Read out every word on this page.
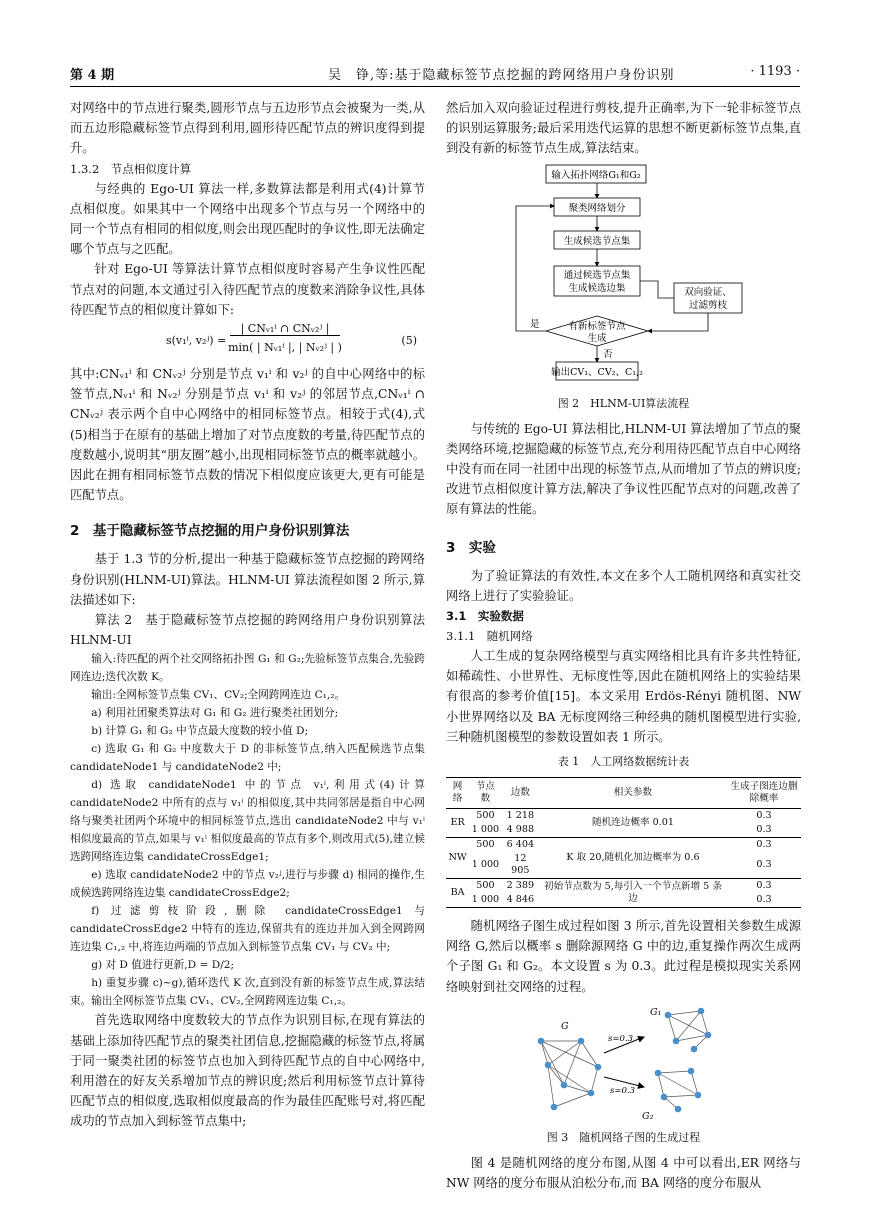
第 4 期	吴　铮,等:基于隐藏标签节点挖掘的跨网络用户身份识别	· 1193 ·

对网络中的节点进行聚类,圆形节点与五边形节点会被聚为一类,从而五边形隐藏标签节点得到利用,圆形待匹配节点的辨识度得到提升。

1.3.2　节点相似度计算

与经典的 Ego-UI 算法一样,多数算法都是利用式(4)计算节点相似度。如果其中一个网络中出现多个节点与另一个网络中的同一个节点有相同的相似度,则会出现匹配时的争议性,即无法确定哪个节点与之匹配。

针对 Ego-UI 等算法计算节点相似度时容易产生争议性匹配节点对的问题,本文通过引入待匹配节点的度数来消除争议性,具体待匹配节点的相似度计算如下:

s(v₁ⁱ, v₂ʲ) =
| CNᵥ₁ⁱ ∩ CNᵥ₂ʲ |
min( | Nᵥ₁ⁱ |, | Nᵥ₂ʲ | )
(5)

其中:CNᵥ₁ⁱ 和 CNᵥ₂ʲ 分别是节点 v₁ⁱ 和 v₂ʲ 的自中心网络中的标签节点,Nᵥ₁ⁱ 和 Nᵥ₂ʲ 分别是节点 v₁ⁱ 和 v₂ʲ 的邻居节点,CNᵥ₁ⁱ ∩ CNᵥ₂ʲ 表示两个自中心网络中的相同标签节点。相较于式(4),式(5)相当于在原有的基础上增加了对节点度数的考量,待匹配节点的度数越小,说明其“朋友圈”越小,出现相同标签节点的概率就越小。因此在拥有相同标签节点数的情况下相似度应该更大,更有可能是匹配节点。

2　基于隐藏标签节点挖掘的用户身份识别算法

基于 1.3 节的分析,提出一种基于隐藏标签节点挖掘的跨网络身份识别(HLNM-UI)算法。HLNM-UI 算法流程如图 2 所示,算法描述如下:

算法 2　基于隐藏标签节点挖掘的跨网络用户身份识别算法 HLNM-UI

输入:待匹配的两个社交网络拓扑图 G₁ 和 G₂;先验标签节点集合,先验跨网连边;迭代次数 K。

输出:全网标签节点集 CV₁、CV₂;全网跨网连边 C₁,₂。

a) 利用社团聚类算法对 G₁ 和 G₂ 进行聚类社团划分;

b) 计算 G₁ 和 G₂ 中节点最大度数的较小值 D;

c) 选取 G₁ 和 G₂ 中度数大于 D 的非标签节点,纳入匹配候选节点集 candidateNode1 与 candidateNode2 中;

d) 选取 candidateNode1 中的节点 v₁ⁱ,利用式(4)计算 candidateNode2 中所有的点与 v₁ⁱ 的相似度,其中共同邻居是指自中心网络与聚类社团两个环境中的相同标签节点,选出 candidateNode2 中与 v₁ⁱ 相似度最高的节点,如果与 v₁ⁱ 相似度最高的节点有多个,则改用式(5),建立候选跨网络连边集 candidateCrossEdge1;

e) 选取 candidateNode2 中的节点 v₂ʲ,进行与步骤 d) 相同的操作,生成候选跨网络连边集 candidateCrossEdge2;

f) 过滤剪枝阶段,删除 candidateCrossEdge1 与 candidateCrossEdge2 中特有的连边,保留共有的连边并加入到全网跨网连边集 C₁,₂ 中,将连边两端的节点加入到标签节点集 CV₁ 与 CV₂ 中;

g) 对 D 值进行更新,D = D/2;

h) 重复步骤 c)~g),循环迭代 K 次,直到没有新的标签节点生成,算法结束。输出全网标签节点集 CV₁、CV₂,全网跨网连边集 C₁,₂。

首先选取网络中度数较大的节点作为识别目标,在现有算法的基础上添加待匹配节点的聚类社团信息,挖掘隐藏的标签节点,将属于同一聚类社团的标签节点也加入到待匹配节点的自中心网络中,利用潜在的好友关系增加节点的辨识度;然后利用标签节点计算待匹配节点的相似度,选取相似度最高的作为最佳匹配账号对,将匹配成功的节点加入到标签节点集中;

然后加入双向验证过程进行剪枝,提升正确率,为下一轮非标签节点的识别运算服务;最后采用迭代运算的思想不断更新标签节点集,直到没有新的标签节点生成,算法结束。

输入拓扑网络G₁和G₂
聚类网络划分
生成候选节点集
通过候选节点集
生成候选边集	双向验证、
过滤剪枝
有新标签节点
生成
是
否
输出CV₁、CV₂、C₁,₂
图 2　HLNM-UI算法流程

与传统的 Ego-UI 算法相比,HLNM-UI 算法增加了节点的聚类网络环境,挖掘隐藏的标签节点,充分利用待匹配节点自中心网络中没有而在同一社团中出现的标签节点,从而增加了节点的辨识度;改进节点相似度计算方法,解决了争议性匹配节点对的问题,改善了原有算法的性能。

3　实验

为了验证算法的有效性,本文在多个人工随机网络和真实社交网络上进行了实验验证。

3.1　实验数据
3.1.1　随机网络

人工生成的复杂网络模型与真实网络相比具有许多共性特征,如稀疏性、小世界性、无标度性等,因此在随机网络上的实验结果有很高的参考价值[15]。本文采用 Erdös-Rényi 随机图、NW 小世界网络以及 BA 无标度网络三种经典的随机图模型进行实验,三种随机图模型的参数设置如表 1 所示。

表 1　人工网络数据统计表
网络	节点数	边数	相关参数	生成子图连边删除概率
ER	500	1 218	随机连边概率 0.01	0.3
	1 000	4 988		0.3
NW	500	6 404	K 取 20,随机化加边概率为 0.6	0.3
	1 000	12 905		0.3
BA	500	2 389	初始节点数为 5,每引入一个节点新增 5 条边	0.3
	1 000	4 846		0.3

随机网络子图生成过程如图 3 所示,首先设置相关参数生成源网络 G,然后以概率 s 删除源网络 G 中的边,重复操作两次生成两个子图 G₁ 和 G₂。本文设置 s 为 0.3。此过程是模拟现实关系网络映射到社交网络的过程。

G
G₁
G₂
s=0.3
s=0.3
图 3　随机网络子图的生成过程

图 4 是随机网络的度分布图,从图 4 中可以看出,ER 网络与 NW 网络的度分布服从泊松分布,而 BA 网络的度分布服从
